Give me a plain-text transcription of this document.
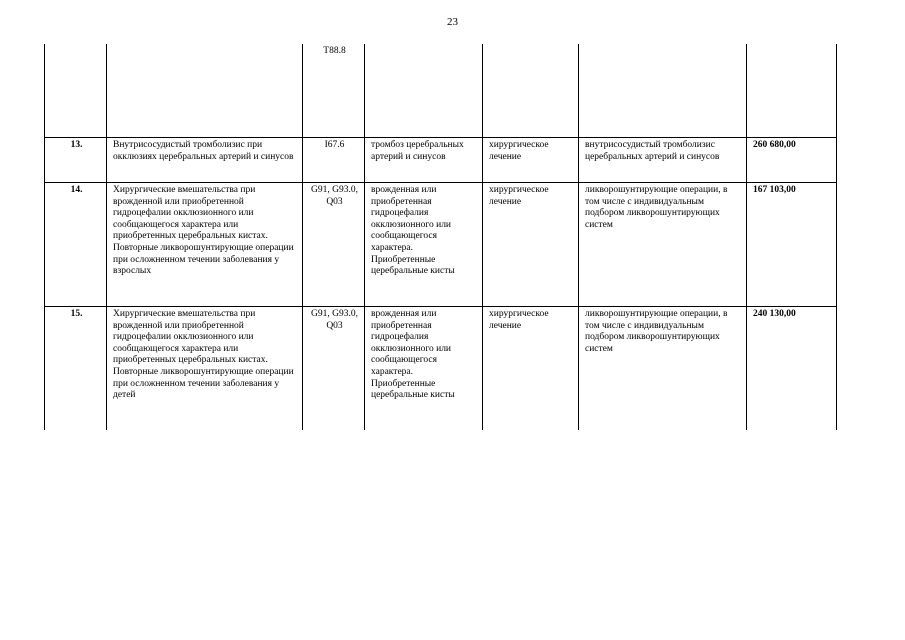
23
		T88.8				
13.	Внутрисосудистый тромболизис при окклюзиях церебральных артерий и синусов	I67.6	тромбоз церебральных артерий и синусов	хирургическое лечение	внутрисосудистый тромболизис церебральных артерий и синусов	260 680,00
14.	Хирургические вмешательства при врожденной или приобретенной гидроцефалии окклюзионного или сообщающегося характера или приобретенных церебральных кистах. Повторные ликворошунтирующие операции при осложненном течении заболевания у взрослых	G91, G93.0, Q03	врожденная или приобретенная гидроцефалия окклюзионного или сообщающегося характера. Приобретенные церебральные кисты	хирургическое лечение	ликворошунтирующие операции, в том числе с индивидуальным подбором ликворошунтирующих систем	167 103,00
15.	Хирургические вмешательства при врожденной или приобретенной гидроцефалии окклюзионного или сообщающегося характера или приобретенных церебральных кистах. Повторные ликворошунтирующие операции при осложненном течении заболевания у детей	G91, G93.0, Q03	врожденная или приобретенная гидроцефалия окклюзионного или сообщающегося характера. Приобретенные церебральные кисты	хирургическое лечение	ликворошунтирующие операции, в том числе с индивидуальным подбором ликворошунтирующих систем	240 130,00
